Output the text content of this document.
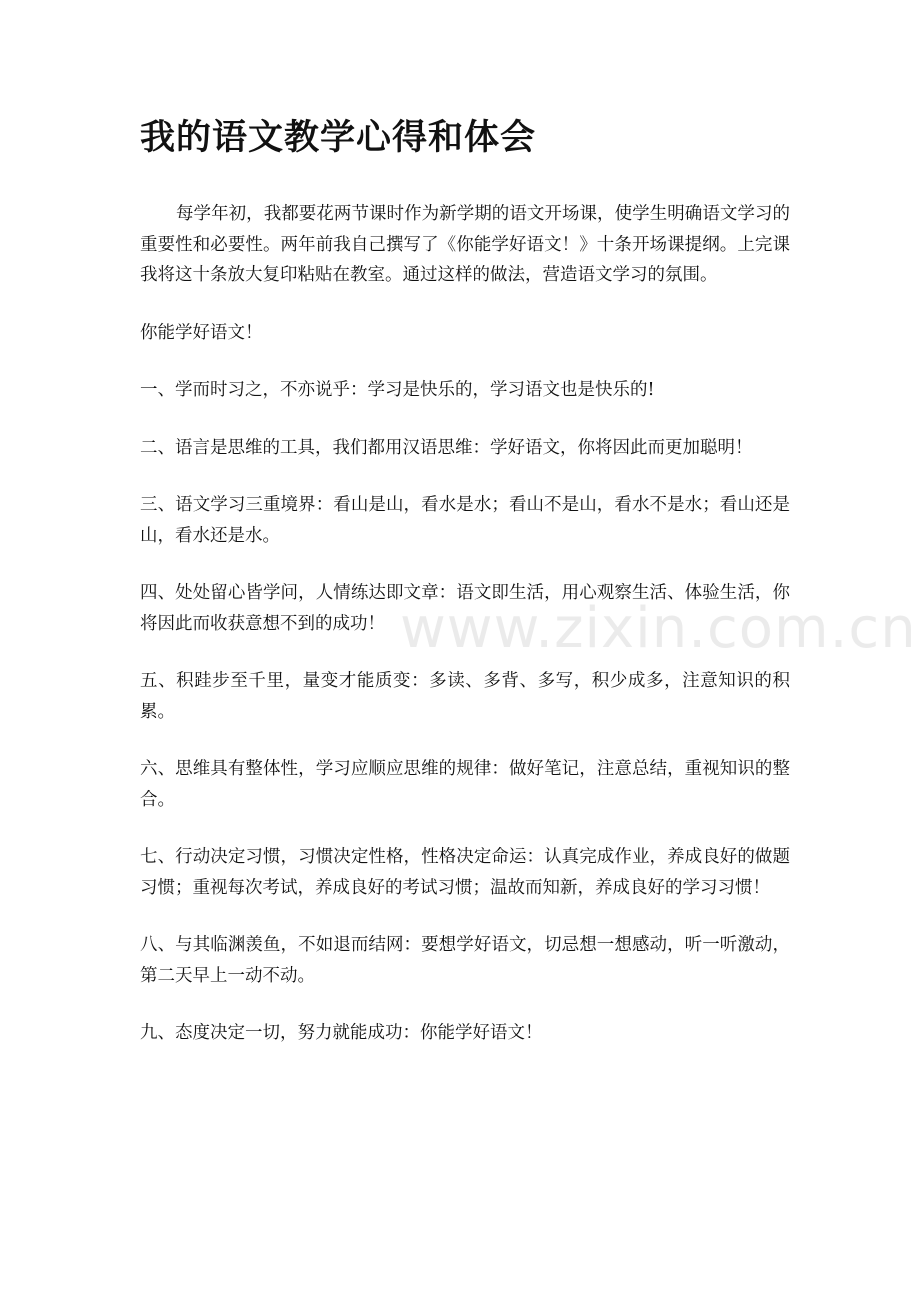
我的语文教学心得和体会

每学年初，我都要花两节课时作为新学期的语文开场课，使学生明确语文学习的重要性和必要性。两年前我自己撰写了《你能学好语文！》十条开场课提纲。上完课我将这十条放大复印粘贴在教室。通过这样的做法，营造语文学习的氛围。

你能学好语文！

一、学而时习之，不亦说乎：学习是快乐的，学习语文也是快乐的!

二、语言是思维的工具，我们都用汉语思维：学好语文，你将因此而更加聪明！

三、语文学习三重境界：看山是山，看水是水；看山不是山，看水不是水；看山还是山，看水还是水。

四、处处留心皆学问，人情练达即文章：语文即生活，用心观察生活、体验生活，你将因此而收获意想不到的成功！

五、积跬步至千里，量变才能质变：多读、多背、多写，积少成多，注意知识的积累。

六、思维具有整体性，学习应顺应思维的规律：做好笔记，注意总结，重视知识的整合。

七、行动决定习惯，习惯决定性格，性格决定命运：认真完成作业，养成良好的做题习惯；重视每次考试，养成良好的考试习惯；温故而知新，养成良好的学习习惯！

八、与其临渊羡鱼，不如退而结网：要想学好语文，切忌想一想感动，听一听激动，第二天早上一动不动。

九、态度决定一切，努力就能成功：你能学好语文！

www.zixin.com.cn
